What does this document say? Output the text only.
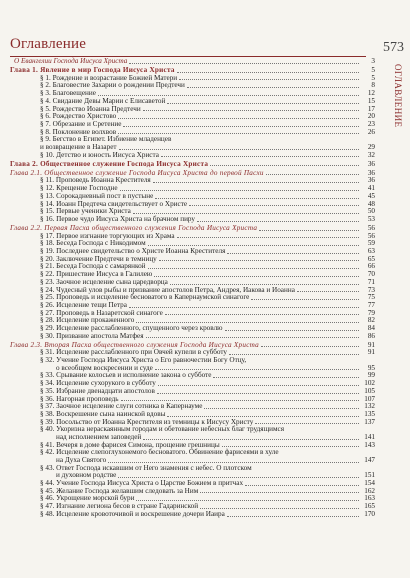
Оглавление	573
ОГЛАВЛЕНИЕ
О Евангелии Господа Иисуса Христа	3
Глава 1. Явление в мир Господа Иисуса Христа	5
§ 1. Рождение и возрастание Божией Матери	5
§ 2. Благовестие Захарии о рождении Предтечи	8
§ 3. Благовещение	12
§ 4. Свидание Девы Марии с Елисаветой	15
§ 5. Рождество Иоанна Предтечи	17
§ 6. Рождество Христово	20
§ 7. Обрезание и Сретение	23
§ 8. Поклонение волхвов	26
§ 9. Бегство в Египет. Избиение младенцев
и возвращение в Назарет	29
§ 10. Детство и юность Иисуса Христа	32
Глава 2. Общественное служение Господа Иисуса Христа	36
Глава 2.1. Общественное служение Господа Иисуса Христа до первой Пасхи	36
§ 11. Проповедь Иоанна Крестителя	36
§ 12. Крещение Господне	41
§ 13. Сорокадневный пост в пустыне	45
§ 14. Иоанн Предтеча свидетельствует о Христе	48
§ 15. Первые ученики Христа	50
§ 16. Первое чудо Иисуса Христа на брачном пиру	53
Глава 2.2. Первая Пасха общественного служения Господа Иисуса Христа	56
§ 17. Первое изгнание торгующих из Храма	56
§ 18. Беседа Господа с Никодимом	59
§ 19. Последнее свидетельство о Христе Иоанна Крестителя	63
§ 20. Заключение Предтечи в темницу	65
§ 21. Беседа Господа с самарянкой	66
§ 22. Пришествие Иисуса в Галилею	70
§ 23. Заочное исцеление сына царедворца	71
§ 24. Чудесный улов рыбы и призвание апостолов Петра, Андрея, Иакова и Иоанна	73
§ 25. Проповедь и исцеление бесноватого в Капернаумской синагоге	75
§ 26. Исцеление тещи Петра	77
§ 27. Проповедь в Назаретской синагоге	79
§ 28. Исцеление прокаженного	82
§ 29. Исцеление расслабленного, спущенного через кровлю	84
§ 30. Призвание апостола Матфея	86
Глава 2.3. Вторая Пасха общественного служения Господа Иисуса Христа	91
§ 31. Исцеление расслабленного при Овчей купели в субботу	91
§ 32. Учение Господа Иисуса Христа о Его равночестии Богу Отцу,
о всеобщем воскресении и суде	95
§ 33. Срывание колосьев и исполнение закона о субботе	99
§ 34. Исцеление сухорукого в субботу	102
§ 35. Избрание двенадцати апостолов	105
§ 36. Нагорная проповедь	107
§ 37. Заочное исцеление слуги сотника в Капернауме	132
§ 38. Воскрешение сына наинской вдовы	135
§ 39. Посольство от Иоанна Крестителя из темницы к Иисусу Христу	137
§ 40. Укоризна нераскаянным городам и обетование небесных благ трудящимся
над исполнением заповедей	141
§ 41. Вечеря в доме фарисея Симона, прощение грешницы	143
§ 42. Исцеление слепоглухонемого бесноватого. Обвинение фарисеями в хуле
на Духа Святого	147
§ 43. Ответ Господа искавшим от Него знамения с небес. О плотском
и духовном родстве	151
§ 44. Учение Господа Иисуса Христа о Царстве Божием в притчах	154
§ 45. Желание Господа желавшим следовать за Ним	162
§ 46. Укрощение морской бури	163
§ 47. Изгнание легиона бесов в стране Гадаринской	165
§ 48. Исцеление кровоточивой и воскрешение дочери Иаира	170
